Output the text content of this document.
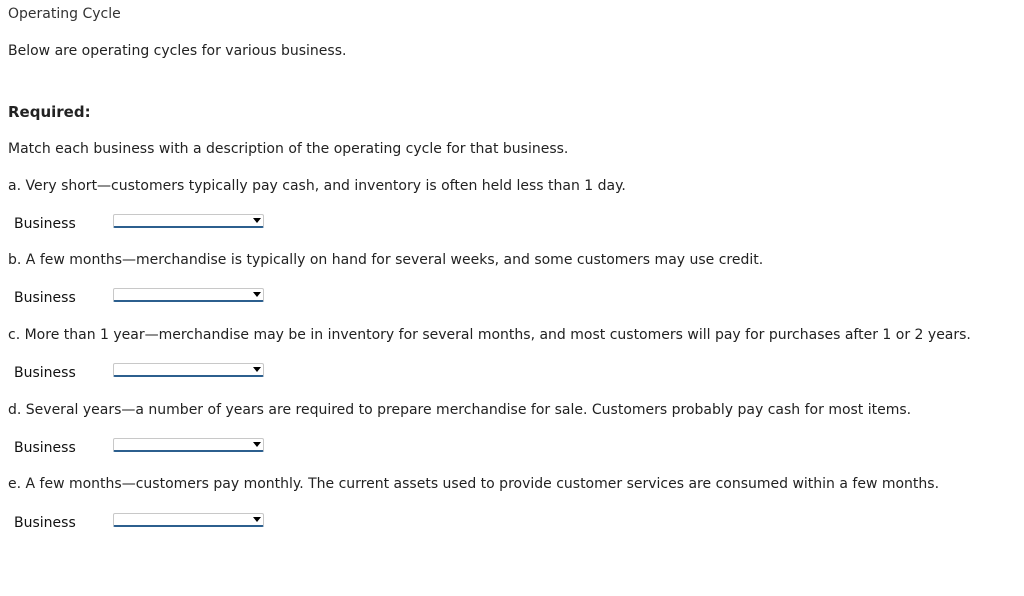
Operating Cycle
Below are operating cycles for various business.
Required:
Match each business with a description of the operating cycle for that business.
a. Very short—customers typically pay cash, and inventory is often held less than 1 day.
Business
b. A few months—merchandise is typically on hand for several weeks, and some customers may use credit.
Business
c. More than 1 year—merchandise may be in inventory for several months, and most customers will pay for purchases after 1 or 2 years.
Business
d. Several years—a number of years are required to prepare merchandise for sale. Customers probably pay cash for most items.
Business
e. A few months—customers pay monthly. The current assets used to provide customer services are consumed within a few months.
Business
